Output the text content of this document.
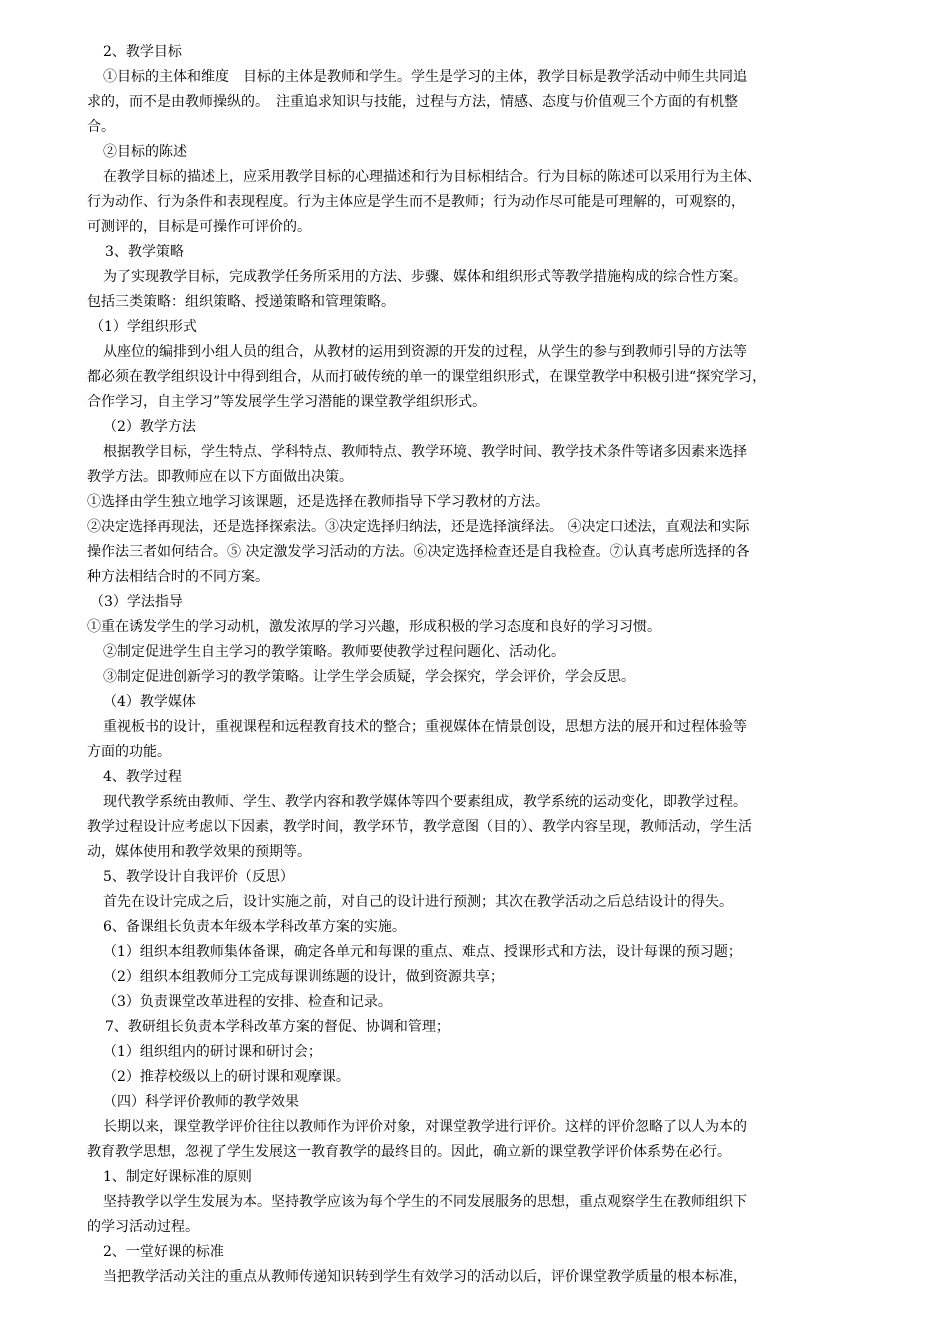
2、教学目标
①目标的主体和维度　目标的主体是教师和学生。学生是学习的主体，教学目标是教学活动中师生共同追
求的，而不是由教师操纵的。　注重追求知识与技能，过程与方法，情感、态度与价值观三个方面的有机整
合。
②目标的陈述
在教学目标的描述上，应采用教学目标的心理描述和行为目标相结合。行为目标的陈述可以采用行为主体、
行为动作、行为条件和表现程度。行为主体应是学生而不是教师；行为动作尽可能是可理解的，可观察的，
可测评的，目标是可操作可评价的。
3、教学策略
为了实现教学目标，完成教学任务所采用的方法、步骤、媒体和组织形式等教学措施构成的综合性方案。
包括三类策略：组织策略、授递策略和管理策略。
（1）学组织形式
从座位的编排到小组人员的组合，从教材的运用到资源的开发的过程，从学生的参与到教师引导的方法等
都必须在教学组织设计中得到组合，从而打破传统的单一的课堂组织形式，在课堂教学中积极引进“探究学习，
合作学习，自主学习”等发展学生学习潜能的课堂教学组织形式。
（2）教学方法
根据教学目标，学生特点、学科特点、教师特点、教学环境、教学时间、教学技术条件等诸多因素来选择
教学方法。即教师应在以下方面做出决策。
①选择由学生独立地学习该课题，还是选择在教师指导下学习教材的方法。
②决定选择再现法，还是选择探索法。③决定选择归纳法，还是选择演绎法。 ④决定口述法，直观法和实际
操作法三者如何结合。⑤ 决定激发学习活动的方法。⑥决定选择检查还是自我检查。⑦认真考虑所选择的各
种方法相结合时的不同方案。
（3）学法指导
①重在诱发学生的学习动机，激发浓厚的学习兴趣，形成积极的学习态度和良好的学习习惯。
②制定促进学生自主学习的教学策略。教师要使教学过程问题化、活动化。
③制定促进创新学习的教学策略。让学生学会质疑，学会探究，学会评价，学会反思。
（4）教学媒体
重视板书的设计，重视课程和远程教育技术的整合；重视媒体在情景创设，思想方法的展开和过程体验等
方面的功能。
4、教学过程
现代教学系统由教师、学生、教学内容和教学媒体等四个要素组成，教学系统的运动变化，即教学过程。
教学过程设计应考虑以下因素，教学时间，教学环节，教学意图（目的）、教学内容呈现，教师活动，学生活
动，媒体使用和教学效果的预期等。
5、教学设计自我评价（反思）
首先在设计完成之后，设计实施之前，对自己的设计进行预测；其次在教学活动之后总结设计的得失。
6、备课组长负责本年级本学科改革方案的实施。
（1）组织本组教师集体备课，确定各单元和每课的重点、难点、授课形式和方法，设计每课的预习题；
（2）组织本组教师分工完成每课训练题的设计，做到资源共享；
（3）负责课堂改革进程的安排、检查和记录。
7、教研组长负责本学科改革方案的督促、协调和管理；
（1）组织组内的研讨课和研讨会；
（2）推荐校级以上的研讨课和观摩课。
（四）科学评价教师的教学效果
长期以来，课堂教学评价往往以教师作为评价对象，对课堂教学进行评价。这样的评价忽略了以人为本的
教育教学思想，忽视了学生发展这一教育教学的最终目的。因此，确立新的课堂教学评价体系势在必行。
1、制定好课标准的原则
坚持教学以学生发展为本。坚持教学应该为每个学生的不同发展服务的思想，重点观察学生在教师组织下
的学习活动过程。
2、一堂好课的标准
当把教学活动关注的重点从教师传递知识转到学生有效学习的活动以后，评价课堂教学质量的根本标准，
